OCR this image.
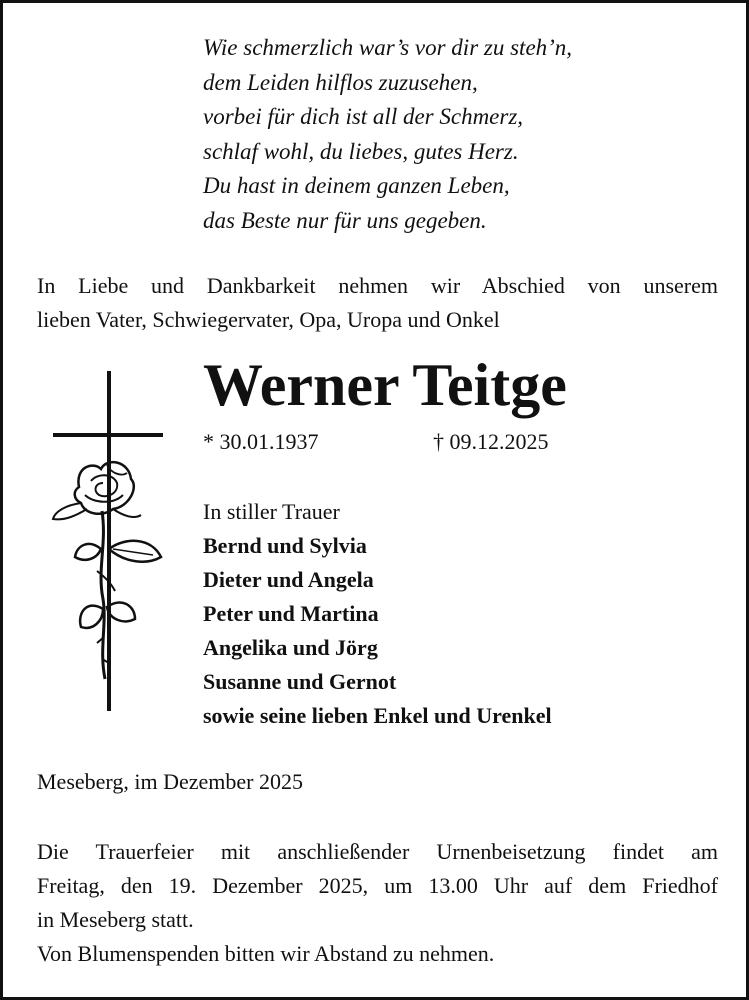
Wie schmerzlich war’s vor dir zu steh’n,
dem Leiden hilflos zuzusehen,
vorbei für dich ist all der Schmerz,
schlaf wohl, du liebes, gutes Herz.
Du hast in deinem ganzen Leben,
das Beste nur für uns gegeben.
In Liebe und Dankbarkeit nehmen wir Abschied von unserem
lieben Vater, Schwiegervater, Opa, Uropa und Onkel
Werner Teitge
* 30.01.1937	† 09.12.2025
In stiller Trauer
Bernd und Sylvia
Dieter und Angela
Peter und Martina
Angelika und Jörg
Susanne und Gernot
sowie seine lieben Enkel und Urenkel
Meseberg, im Dezember 2025
Die Trauerfeier mit anschließender Urnenbeisetzung findet am
Freitag, den 19. Dezember 2025, um 13.00 Uhr auf dem Friedhof
in Meseberg statt.
Von Blumenspenden bitten wir Abstand zu nehmen.
